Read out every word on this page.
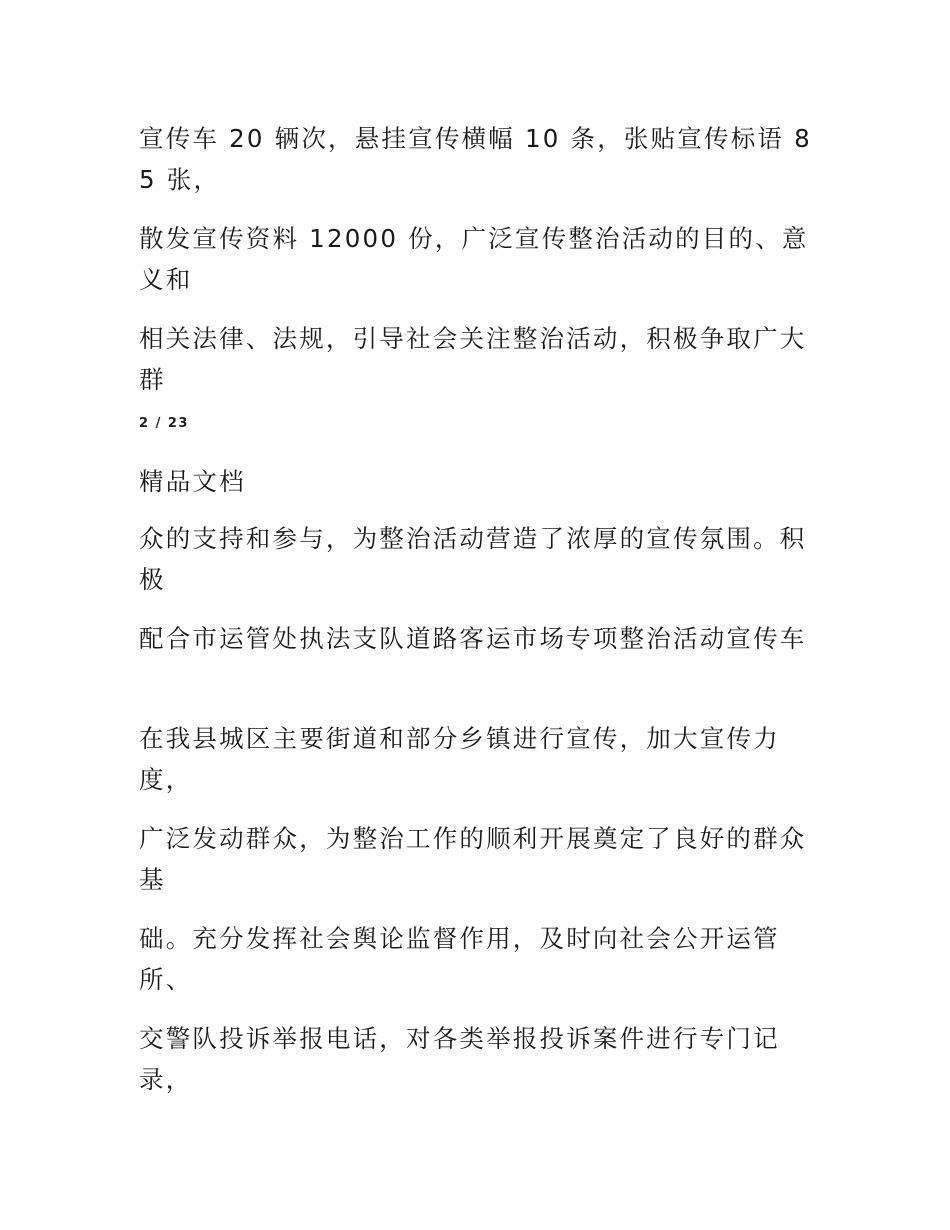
宣传车 20 辆次，悬挂宣传横幅 10 条，张贴宣传标语 85 张，

散发宣传资料 12000 份，广泛宣传整治活动的目的、意义和

相关法律、法规，引导社会关注整治活动，积极争取广大群

2 / 23
精品文档

众的支持和参与，为整治活动营造了浓厚的宣传氛围。积极

配合市运管处执法支队道路客运市场专项整治活动宣传车

在我县城区主要街道和部分乡镇进行宣传，加大宣传力度，

广泛发动群众，为整治工作的顺利开展奠定了良好的群众基

础。充分发挥社会舆论监督作用，及时向社会公开运管所、

交警队投诉举报电话，对各类举报投诉案件进行专门记录，
